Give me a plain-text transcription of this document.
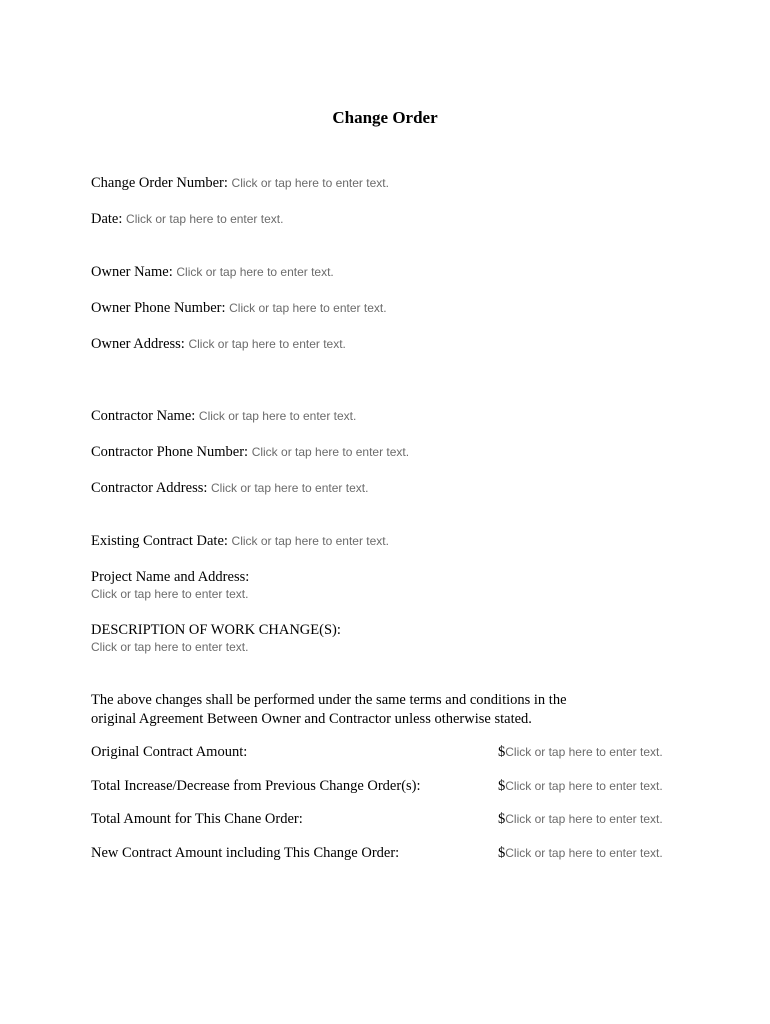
Change Order
Change Order Number: Click or tap here to enter text.
Date: Click or tap here to enter text.
Owner Name: Click or tap here to enter text.
Owner Phone Number: Click or tap here to enter text.
Owner Address: Click or tap here to enter text.
Contractor Name: Click or tap here to enter text.
Contractor Phone Number: Click or tap here to enter text.
Contractor Address: Click or tap here to enter text.
Existing Contract Date: Click or tap here to enter text.
Project Name and Address:
Click or tap here to enter text.
DESCRIPTION OF WORK CHANGE(S):
Click or tap here to enter text.
The above changes shall be performed under the same terms and conditions in the
original Agreement Between Owner and Contractor unless otherwise stated.
Original Contract Amount:	$Click or tap here to enter text.
Total Increase/Decrease from Previous Change Order(s):	$Click or tap here to enter text.
Total Amount for This Chane Order:	$Click or tap here to enter text.
New Contract Amount including This Change Order:	$Click or tap here to enter text.
